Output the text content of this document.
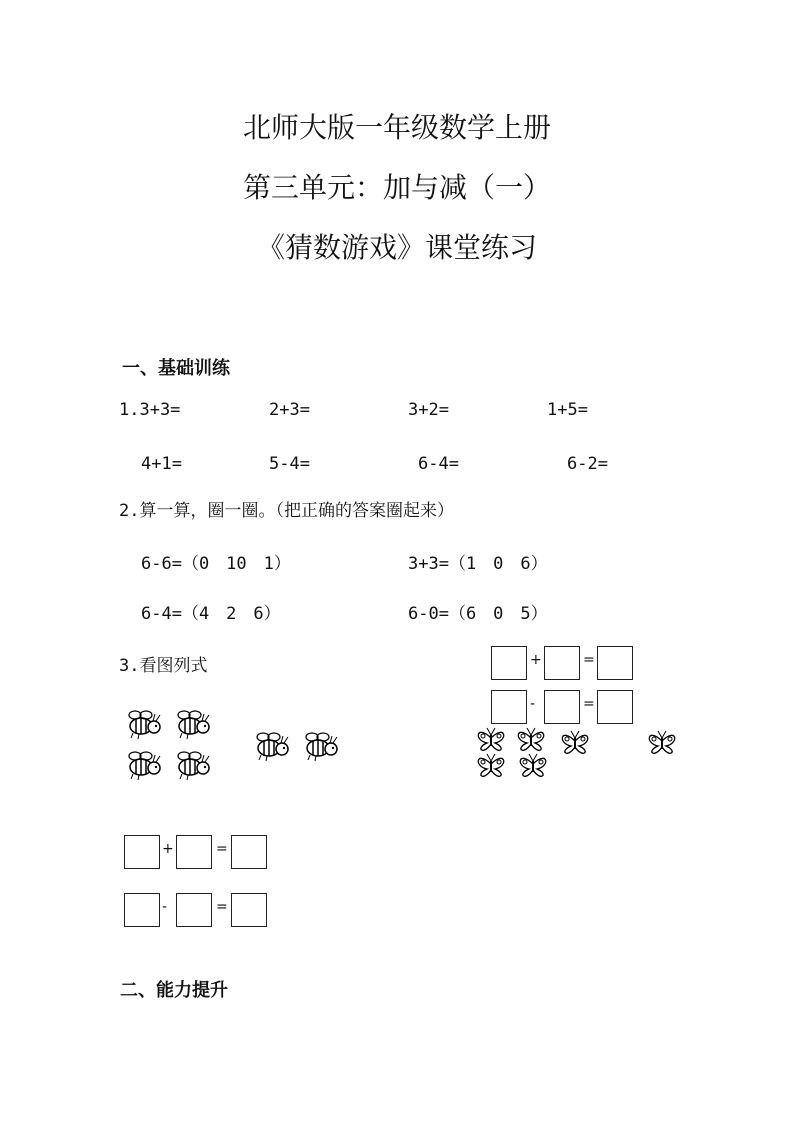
北师大版一年级数学上册
第三单元：加与减（一）
《猜数游戏》课堂练习
一、基础训练
1.3+3=	2+3=	3+2=	1+5=
4+1=	5-4=	6-4=	6-2=
2.算一算，圈一圈。（把正确的答案圈起来）
6-6=（0　10　1）	3+3=（1　0　6）
6-4=（4　2　6）	6-0=（6　0　5）
3.看图列式	+	=
-	=
+	=
-	=
二、能力提升
